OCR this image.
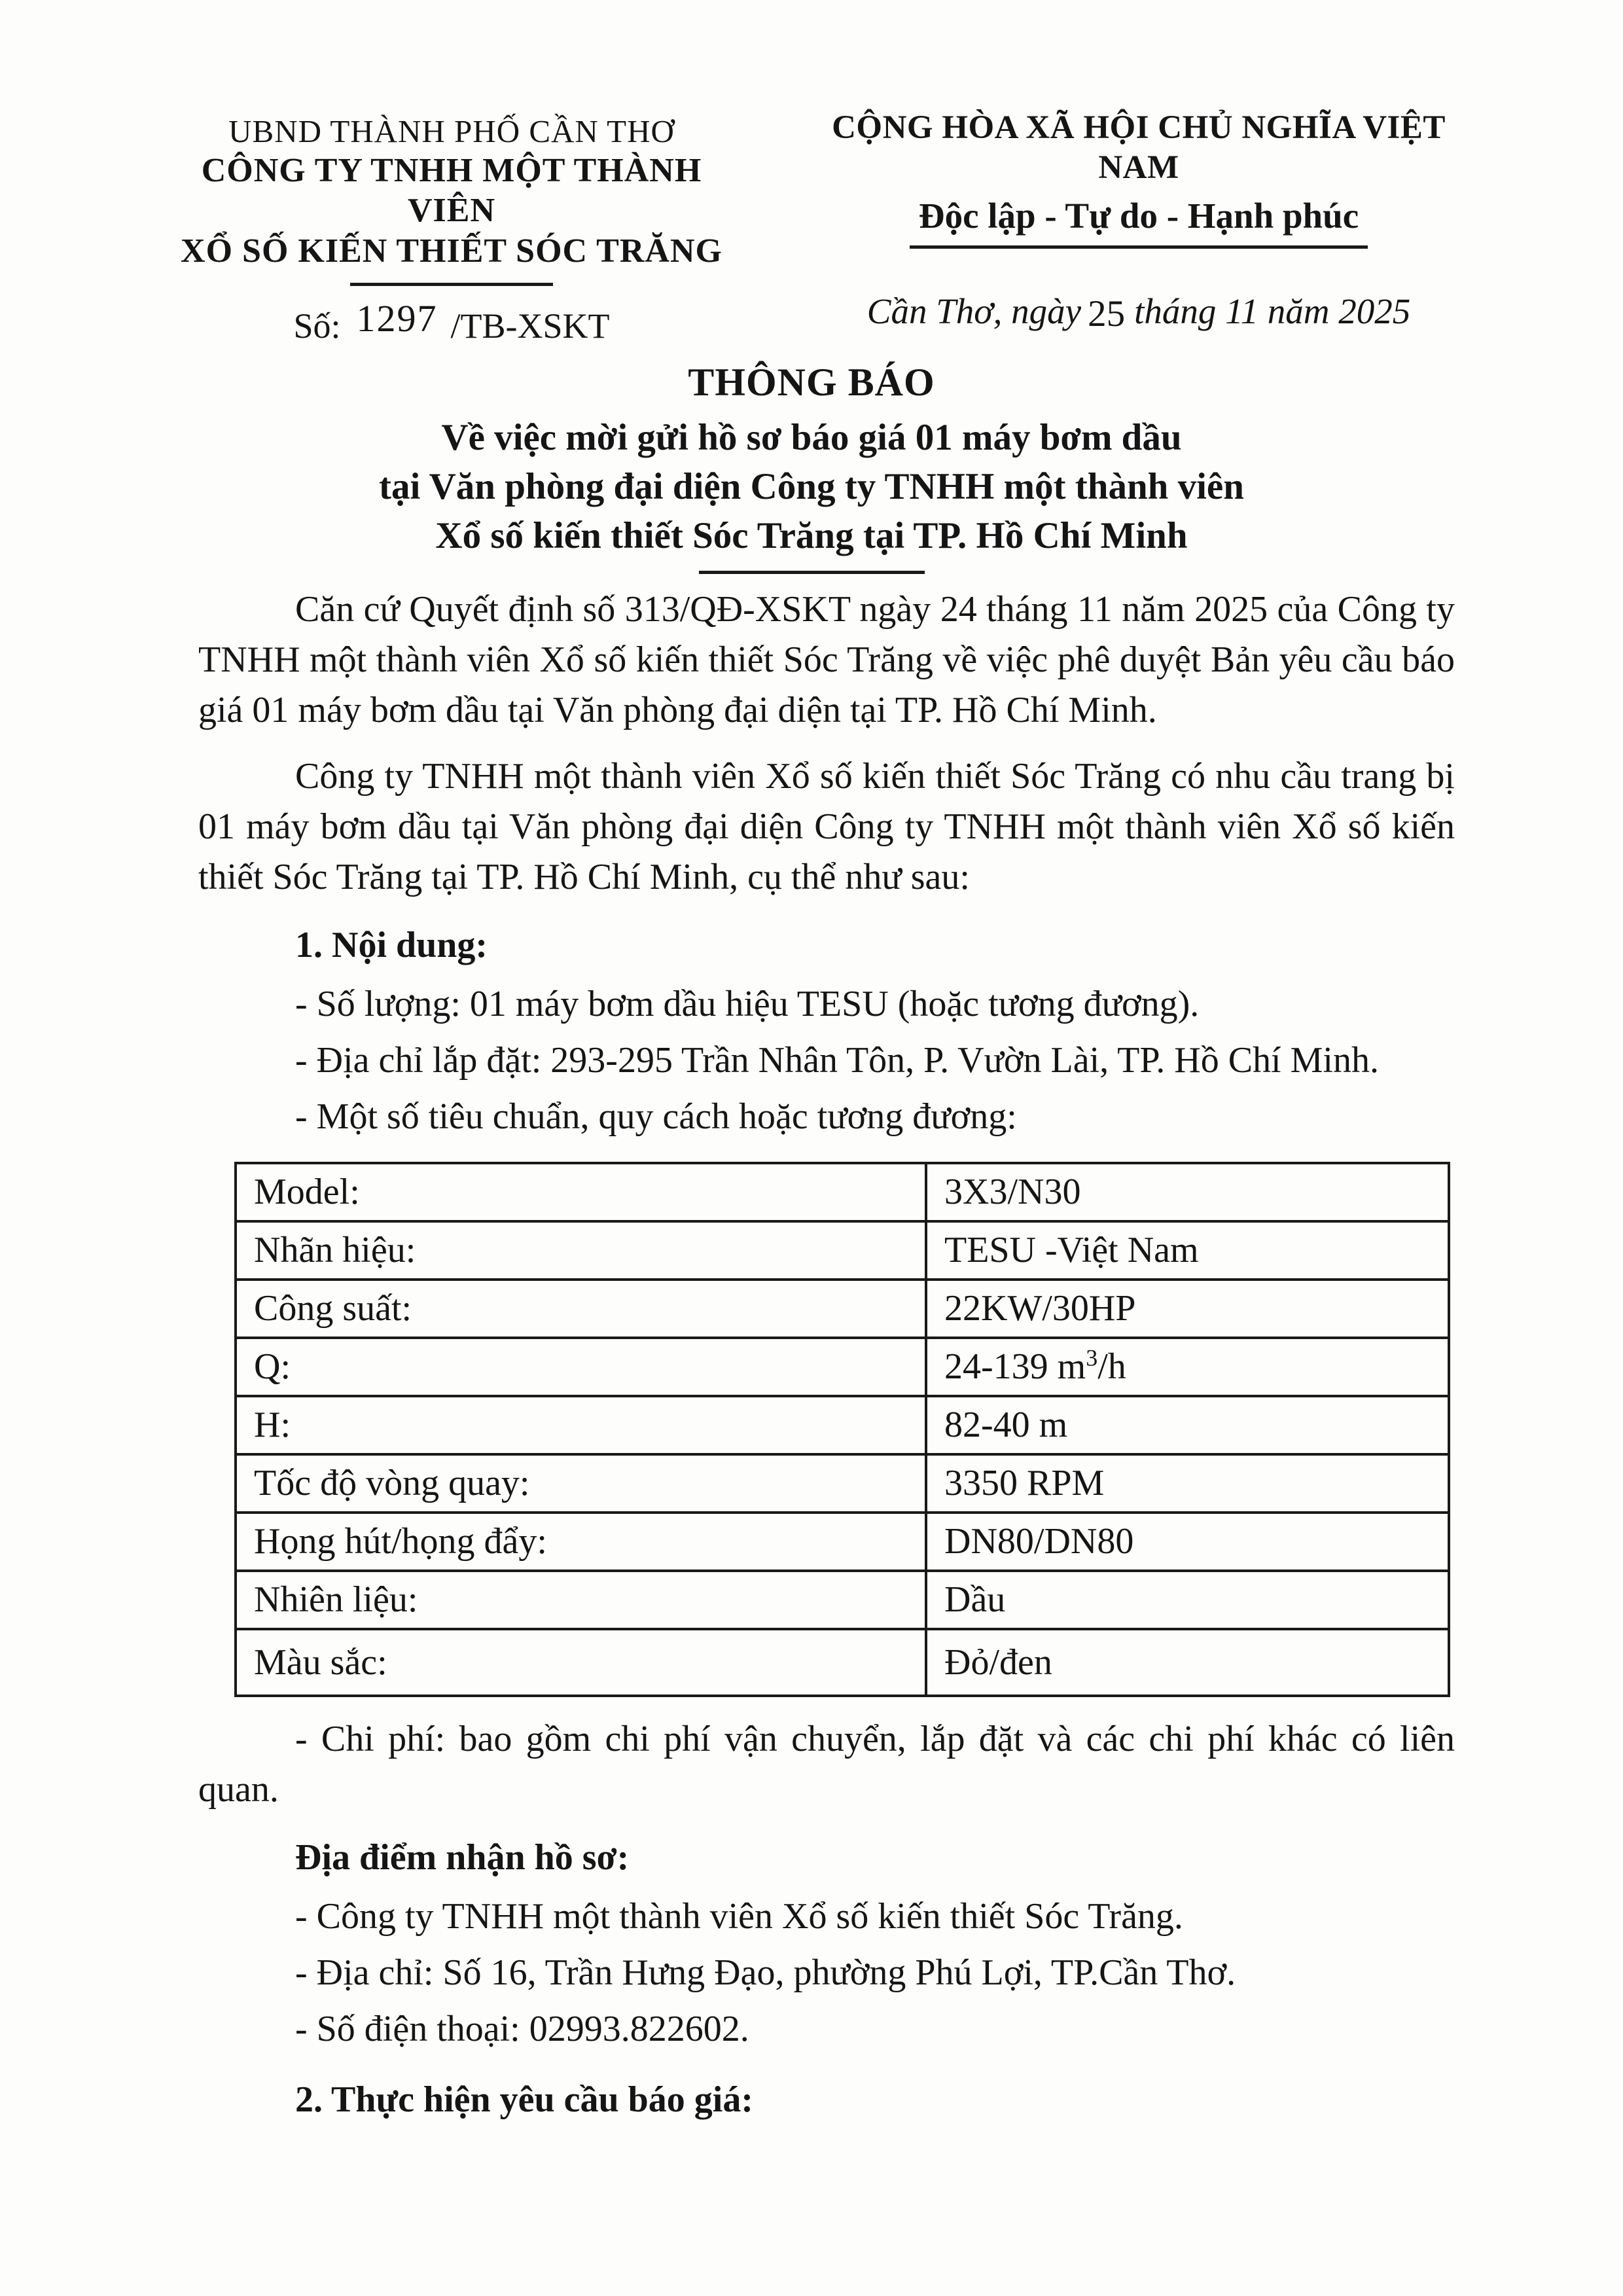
UBND THÀNH PHỐ CẦN THƠ
CÔNG TY TNHH MỘT THÀNH VIÊN
XỔ SỐ KIẾN THIẾT SÓC TRĂNG
Số: 1297 /TB-XSKT
CỘNG HÒA XÃ HỘI CHỦ NGHĨA VIỆT NAM
Độc lập - Tự do - Hạnh phúc
Cần Thơ, ngày 25 tháng 11 năm 2025
THÔNG BÁO
Về việc mời gửi hồ sơ báo giá 01 máy bơm dầu
tại Văn phòng đại diện Công ty TNHH một thành viên
Xổ số kiến thiết Sóc Trăng tại TP. Hồ Chí Minh

Căn cứ Quyết định số 313/QĐ-XSKT ngày 24 tháng 11 năm 2025 của Công ty TNHH một thành viên Xổ số kiến thiết Sóc Trăng về việc phê duyệt Bản yêu cầu báo giá 01 máy bơm dầu tại Văn phòng đại diện tại TP. Hồ Chí Minh.

Công ty TNHH một thành viên Xổ số kiến thiết Sóc Trăng có nhu cầu trang bị 01 máy bơm dầu tại Văn phòng đại diện Công ty TNHH một thành viên Xổ số kiến thiết Sóc Trăng tại TP. Hồ Chí Minh, cụ thể như sau:

1. Nội dung:
- Số lượng: 01 máy bơm dầu hiệu TESU (hoặc tương đương).
- Địa chỉ lắp đặt: 293-295 Trần Nhân Tôn, P. Vườn Lài, TP. Hồ Chí Minh.
- Một số tiêu chuẩn, quy cách hoặc tương đương:
Model:	3X3/N30
Nhãn hiệu:	TESU -Việt Nam
Công suất:	22KW/30HP
Q:	24-139 $m^3/h$
H:	82-40 m
Tốc độ vòng quay:	3350 RPM
Họng hút/họng đẩy:	DN80/DN80
Nhiên liệu:	Dầu
Màu sắc:	Đỏ/đen

- Chi phí: bao gồm chi phí vận chuyển, lắp đặt và các chi phí khác có liên quan.

Địa điểm nhận hồ sơ:
- Công ty TNHH một thành viên Xổ số kiến thiết Sóc Trăng.
- Địa chỉ: Số 16, Trần Hưng Đạo, phường Phú Lợi, TP.Cần Thơ.
- Số điện thoại: 02993.822602.
2. Thực hiện yêu cầu báo giá:
